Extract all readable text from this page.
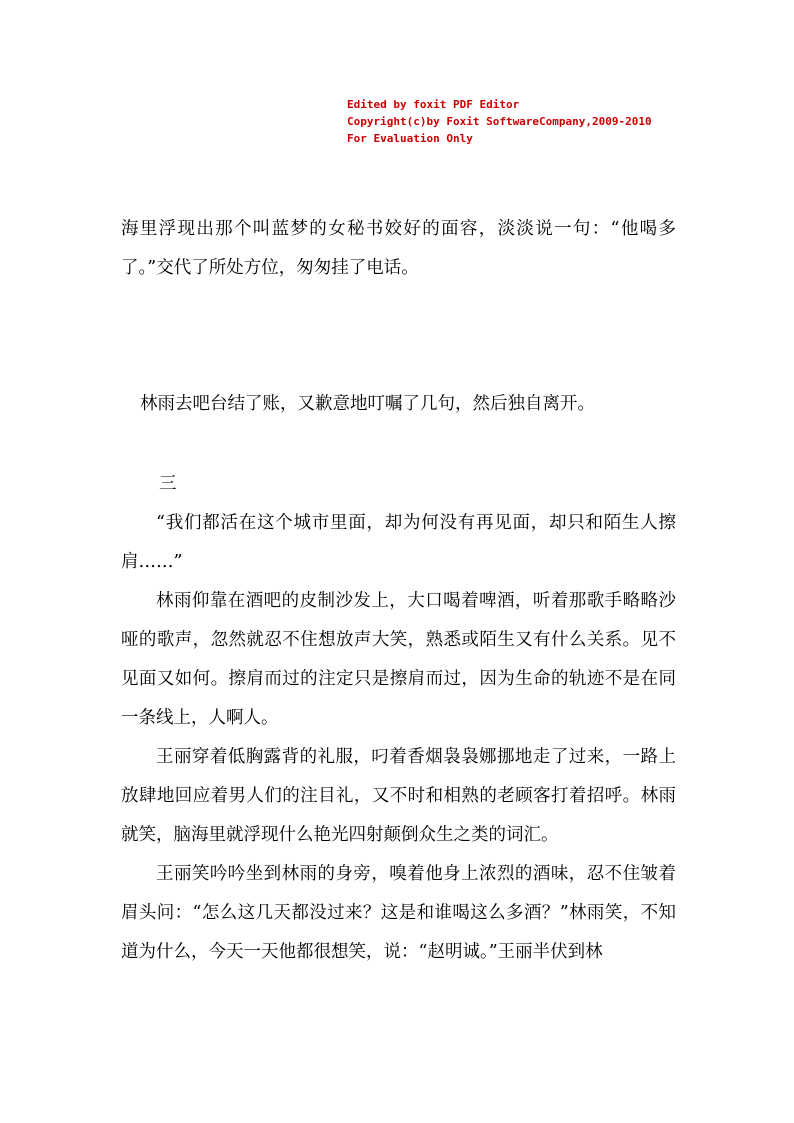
Edited by foxit PDF Editor
Copyright(c)by Foxit SoftwareCompany,2009-2010
For Evaluation Only

海里浮现出那个叫蓝梦的女秘书姣好的面容，淡淡说一句：“他喝多了。”交代了所处方位，匆匆挂了电话。

林雨去吧台结了账，又歉意地叮嘱了几句，然后独自离开。

三

“我们都活在这个城市里面，却为何没有再见面，却只和陌生人擦肩……”

林雨仰靠在酒吧的皮制沙发上，大口喝着啤酒，听着那歌手略略沙哑的歌声，忽然就忍不住想放声大笑，熟悉或陌生又有什么关系。见不见面又如何。擦肩而过的注定只是擦肩而过，因为生命的轨迹不是在同一条线上，人啊人。

王丽穿着低胸露背的礼服，叼着香烟袅袅娜挪地走了过来，一路上放肆地回应着男人们的注目礼，又不时和相熟的老顾客打着招呼。林雨就笑，脑海里就浮现什么艳光四射颠倒众生之类的词汇。

王丽笑吟吟坐到林雨的身旁，嗅着他身上浓烈的酒味，忍不住皱着眉头问：“怎么这几天都没过来？这是和谁喝这么多酒？”林雨笑，不知道为什么，今天一天他都很想笑，说：“赵明诚。”王丽半伏到林
